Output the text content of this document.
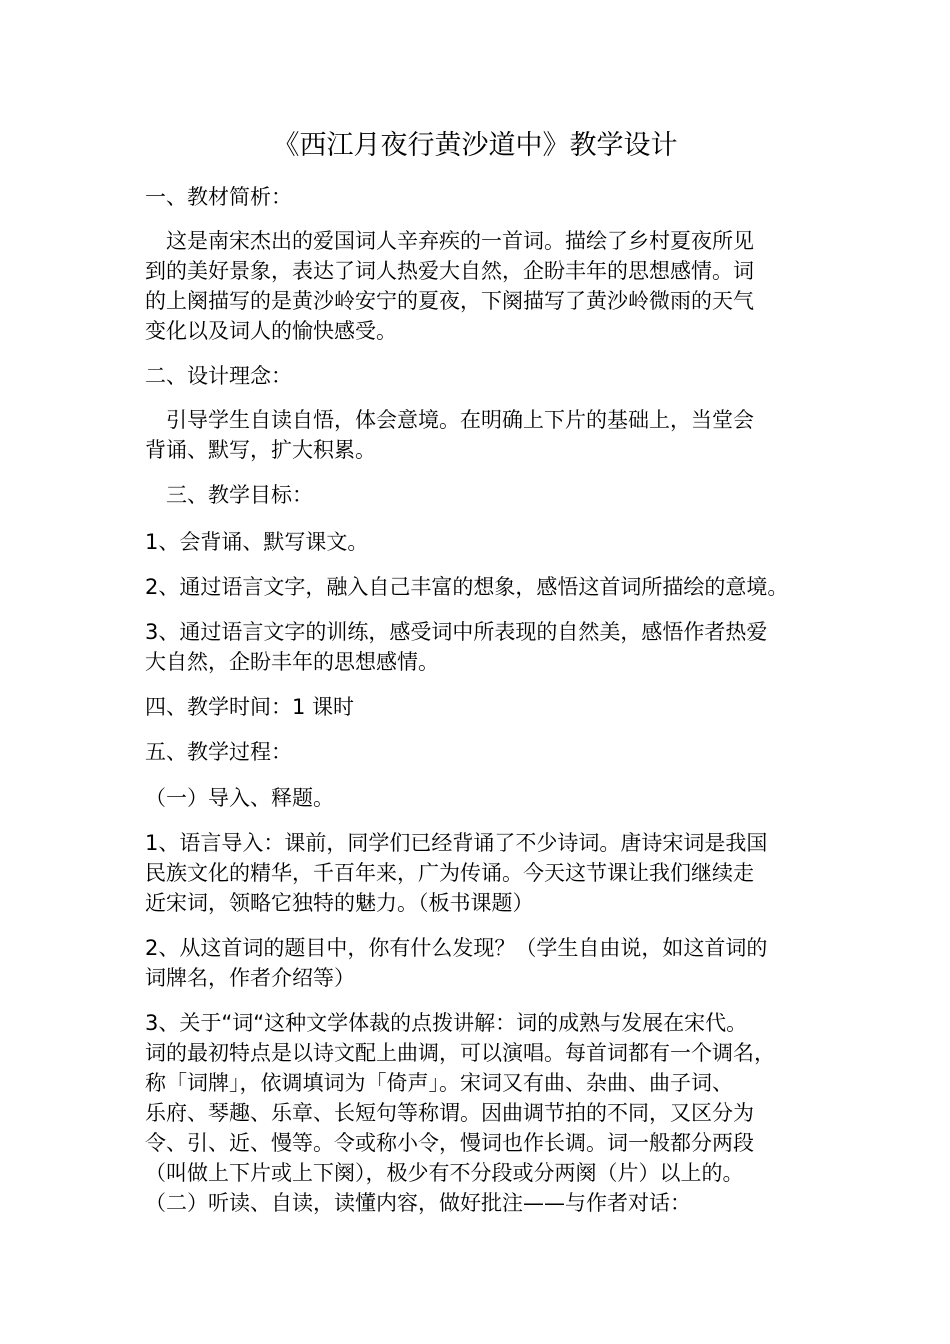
《西江月夜行黄沙道中》教学设计
一、教材简析：
　这是南宋杰出的爱国词人辛弃疾的一首词。描绘了乡村夏夜所见
到的美好景象，表达了词人热爱大自然，企盼丰年的思想感情。词
的上阕描写的是黄沙岭安宁的夏夜，下阕描写了黄沙岭微雨的天气
变化以及词人的愉快感受。
二、设计理念：
　引导学生自读自悟，体会意境。在明确上下片的基础上，当堂会
背诵、默写，扩大积累。
　三、教学目标：
1、会背诵、默写课文。
2、通过语言文字，融入自己丰富的想象，感悟这首词所描绘的意境。
3、通过语言文字的训练，感受词中所表现的自然美，感悟作者热爱
大自然，企盼丰年的思想感情。
四、教学时间：1 课时
五、教学过程：
（一）导入、释题。
1、语言导入：课前，同学们已经背诵了不少诗词。唐诗宋词是我国
民族文化的精华，千百年来，广为传诵。今天这节课让我们继续走
近宋词，领略它独特的魅力。（板书课题）
2、从这首词的题目中，你有什么发现？（学生自由说，如这首词的
词牌名，作者介绍等）
3、关于“词“这种文学体裁的点拨讲解：词的成熟与发展在宋代。
词的最初特点是以诗文配上曲调，可以演唱。每首词都有一个调名，
称「词牌」，依调填词为「倚声」。宋词又有曲、杂曲、曲子词、
乐府、琴趣、乐章、长短句等称谓。因曲调节拍的不同，又区分为
令、引、近、慢等。令或称小令，慢词也作长调。词一般都分两段
（叫做上下片或上下阕），极少有不分段或分两阕（片）以上的。
（二）听读、自读，读懂内容，做好批注——与作者对话：
